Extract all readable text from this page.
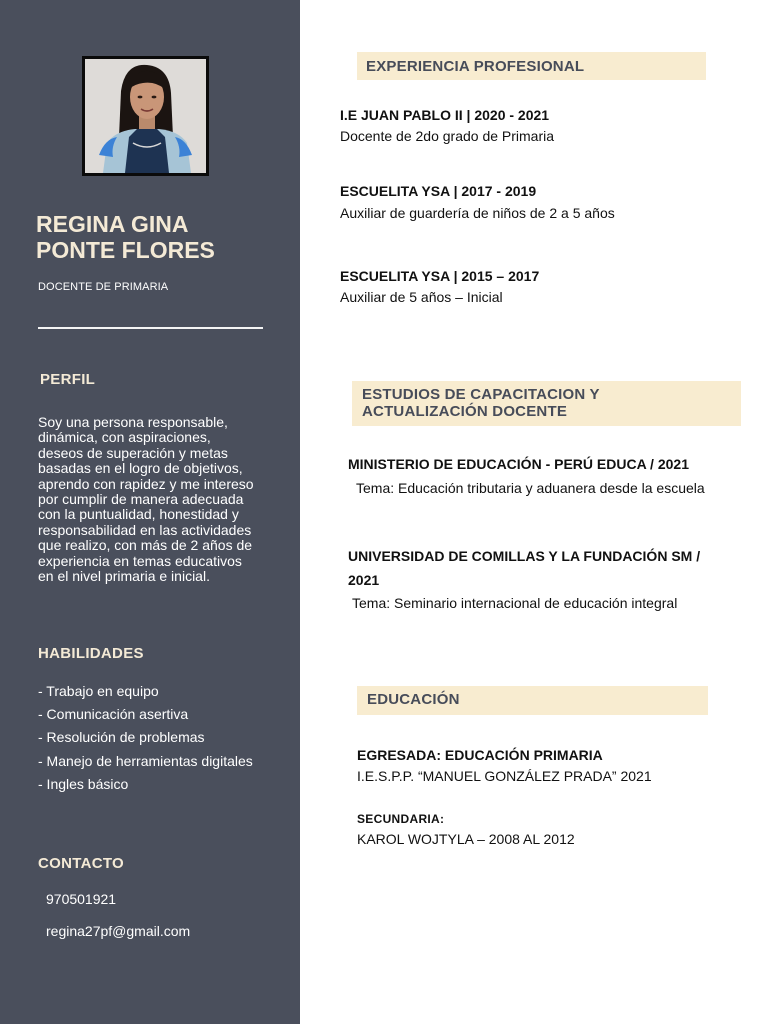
REGINA GINA
PONTE FLORES
DOCENTE DE PRIMARIA
PERFIL
Soy una persona responsable, dinámica, con aspiraciones, deseos de superación y metas basadas en el logro de objetivos, aprendo con rapidez y me intereso por cumplir de manera adecuada con la puntualidad, honestidad y responsabilidad en las actividades que realizo, con más de 2 años de experiencia en temas educativos en el nivel primaria e inicial.
HABILIDADES
- Trabajo en equipo
- Comunicación asertiva
- Resolución de problemas
- Manejo de herramientas digitales
- Ingles básico
CONTACTO
970501921
regina27pf@gmail.com
EXPERIENCIA PROFESIONAL
I.E JUAN PABLO II | 2020 - 2021
Docente de 2do grado de Primaria
ESCUELITA YSA | 2017 - 2019
Auxiliar de guardería de niños de 2 a 5 años
ESCUELITA YSA | 2015 – 2017
Auxiliar de 5 años – Inicial
ESTUDIOS DE CAPACITACION Y
ACTUALIZACIÓN DOCENTE
MINISTERIO DE EDUCACIÓN - PERÚ EDUCA / 2021
Tema: Educación tributaria y aduanera desde la escuela
UNIVERSIDAD DE COMILLAS Y LA FUNDACIÓN SM /
2021
Tema: Seminario internacional de educación integral
EDUCACIÓN
EGRESADA: EDUCACIÓN PRIMARIA
I.E.S.P.P. “MANUEL GONZÁLEZ PRADA” 2021
SECUNDARIA:
KAROL WOJTYLA – 2008 AL 2012
